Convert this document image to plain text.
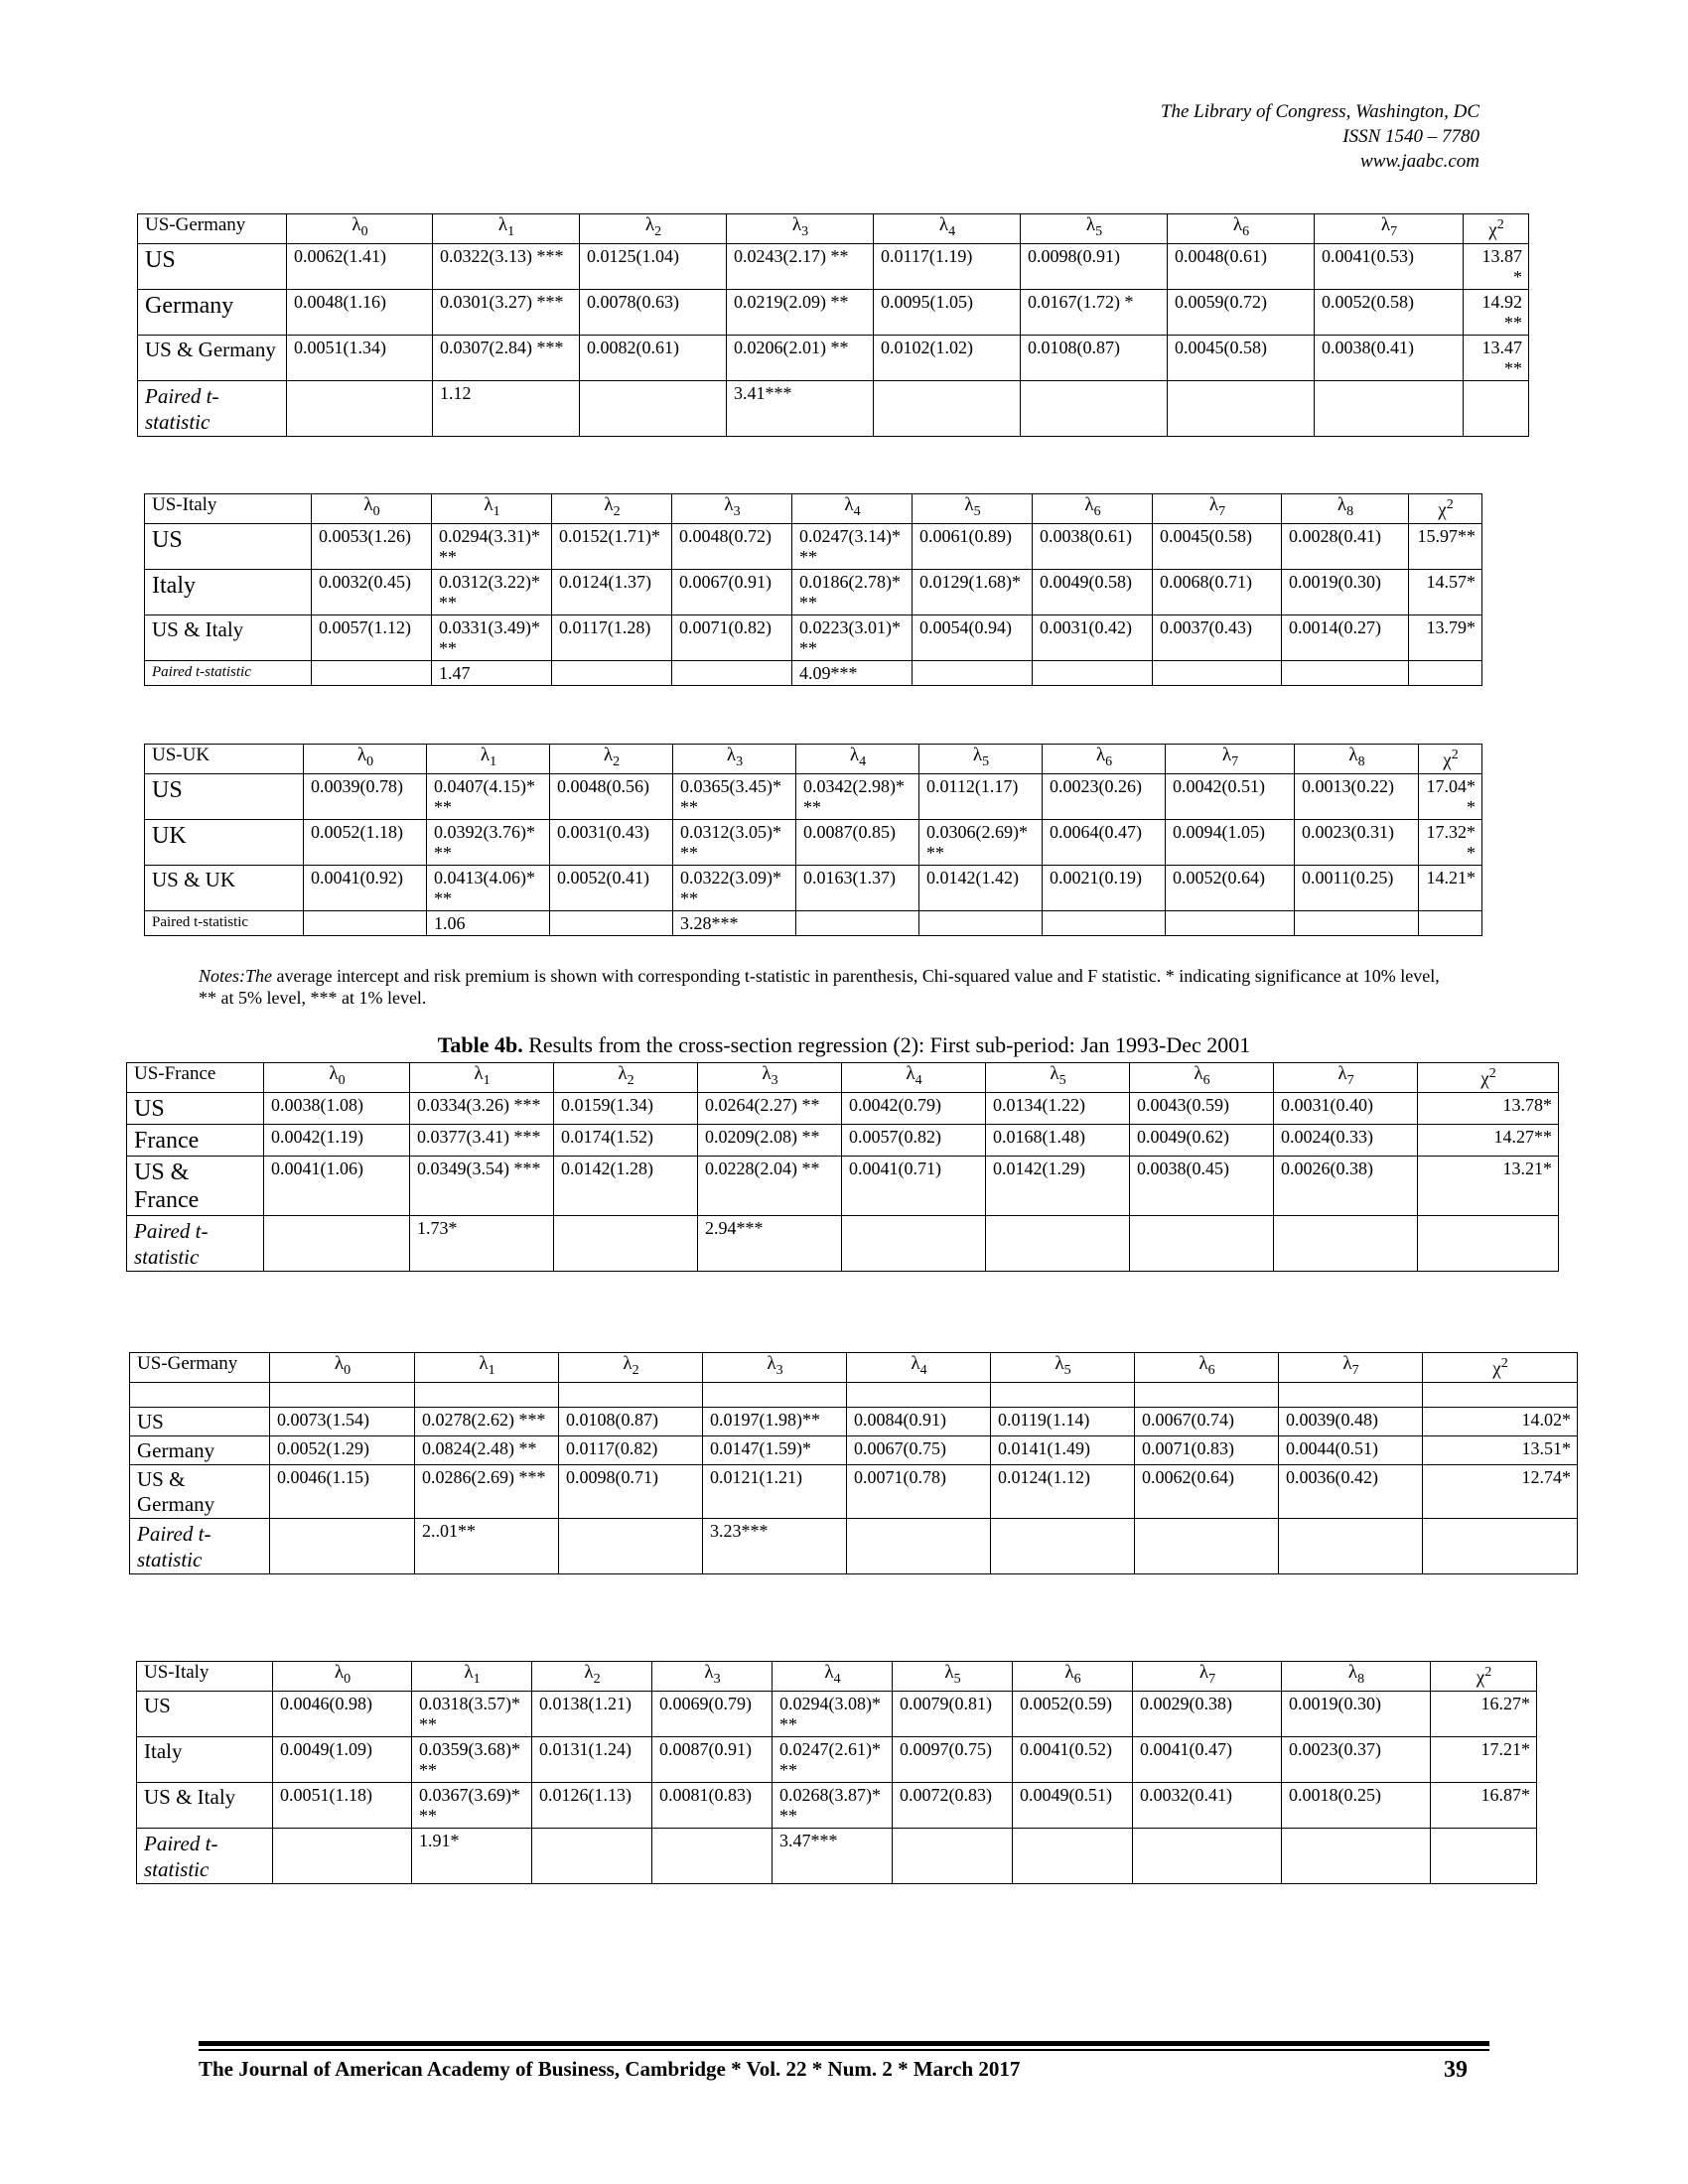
The Library of Congress, Washington, DC
ISSN 1540 – 7780
www.jaabc.com
US-Germany	$\lambda_0$	$\lambda_1$	$\lambda_2$	$\lambda_3$	$\lambda_4$	$\lambda_5$	$\lambda_6$	$\lambda_7$	$\chi^2$
US	0.0062(1.41)	0.0322(3.13) ***	0.0125(1.04)	0.0243(2.17) **	0.0117(1.19)	0.0098(0.91)	0.0048(0.61)	0.0041(0.53)	13.87 *
Germany	0.0048(1.16)	0.0301(3.27) ***	0.0078(0.63)	0.0219(2.09) **	0.0095(1.05)	0.0167(1.72) *	0.0059(0.72)	0.0052(0.58)	14.92 **
US & Germany	0.0051(1.34)	0.0307(2.84) ***	0.0082(0.61)	0.0206(2.01) **	0.0102(1.02)	0.0108(0.87)	0.0045(0.58)	0.0038(0.41)	13.47 **
Paired t-statistic		1.12		3.41***					
US-Italy	$\lambda_0$	$\lambda_1$	$\lambda_2$	$\lambda_3$	$\lambda_4$	$\lambda_5$	$\lambda_6$	$\lambda_7$	$\lambda_8$	$\chi^2$
US	0.0053(1.26)	0.0294(3.31)***	0.0152(1.71)*	0.0048(0.72)	0.0247(3.14)***	0.0061(0.89)	0.0038(0.61)	0.0045(0.58)	0.0028(0.41)	15.97**
Italy	0.0032(0.45)	0.0312(3.22)***	0.0124(1.37)	0.0067(0.91)	0.0186(2.78)***	0.0129(1.68)*	0.0049(0.58)	0.0068(0.71)	0.0019(0.30)	14.57*
US & Italy	0.0057(1.12)	0.0331(3.49)***	0.0117(1.28)	0.0071(0.82)	0.0223(3.01)***	0.0054(0.94)	0.0031(0.42)	0.0037(0.43)	0.0014(0.27)	13.79*
Paired t-statistic		1.47			4.09***					
US-UK	$\lambda_0$	$\lambda_1$	$\lambda_2$	$\lambda_3$	$\lambda_4$	$\lambda_5$	$\lambda_6$	$\lambda_7$	$\lambda_8$	$\chi^2$
US	0.0039(0.78)	0.0407(4.15)***	0.0048(0.56)	0.0365(3.45)***	0.0342(2.98)***	0.0112(1.17)	0.0023(0.26)	0.0042(0.51)	0.0013(0.22)	17.04**
UK	0.0052(1.18)	0.0392(3.76)***	0.0031(0.43)	0.0312(3.05)***	0.0087(0.85)	0.0306(2.69)***	0.0064(0.47)	0.0094(1.05)	0.0023(0.31)	17.32**
US & UK	0.0041(0.92)	0.0413(4.06)***	0.0052(0.41)	0.0322(3.09)***	0.0163(1.37)	0.0142(1.42)	0.0021(0.19)	0.0052(0.64)	0.0011(0.25)	14.21*
Paired t-statistic		1.06		3.28***						
Notes:The average intercept and risk premium is shown with corresponding t-statistic in parenthesis, Chi-squared value and F statistic. * indicating significance at 10% level, ** at 5% level, *** at 1% level.
Table 4b. Results from the cross-section regression (2): First sub-period: Jan 1993-Dec 2001
US-France	$\lambda_0$	$\lambda_1$	$\lambda_2$	$\lambda_3$	$\lambda_4$	$\lambda_5$	$\lambda_6$	$\lambda_7$	$\chi^2$
US	0.0038(1.08)	0.0334(3.26) ***	0.0159(1.34)	0.0264(2.27) **	0.0042(0.79)	0.0134(1.22)	0.0043(0.59)	0.0031(0.40)	13.78*
France	0.0042(1.19)	0.0377(3.41) ***	0.0174(1.52)	0.0209(2.08) **	0.0057(0.82)	0.0168(1.48)	0.0049(0.62)	0.0024(0.33)	14.27**
US & France	0.0041(1.06)	0.0349(3.54) ***	0.0142(1.28)	0.0228(2.04) **	0.0041(0.71)	0.0142(1.29)	0.0038(0.45)	0.0026(0.38)	13.21*
Paired t-statistic		1.73*		2.94***					
US-Germany	$\lambda_0$	$\lambda_1$	$\lambda_2$	$\lambda_3$	$\lambda_4$	$\lambda_5$	$\lambda_6$	$\lambda_7$	$\chi^2$

US	0.0073(1.54)	0.0278(2.62) ***	0.0108(0.87)	0.0197(1.98)**	0.0084(0.91)	0.0119(1.14)	0.0067(0.74)	0.0039(0.48)	14.02*
Germany	0.0052(1.29)	0.0824(2.48) **	0.0117(0.82)	0.0147(1.59)*	0.0067(0.75)	0.0141(1.49)	0.0071(0.83)	0.0044(0.51)	13.51*
US & Germany	0.0046(1.15)	0.0286(2.69) ***	0.0098(0.71)	0.0121(1.21)	0.0071(0.78)	0.0124(1.12)	0.0062(0.64)	0.0036(0.42)	12.74*
Paired t-statistic		2..01**		3.23***					
US-Italy	$\lambda_0$	$\lambda_1$	$\lambda_2$	$\lambda_3$	$\lambda_4$	$\lambda_5$	$\lambda_6$	$\lambda_7$	$\lambda_8$	$\chi^2$
US	0.0046(0.98)	0.0318(3.57)***	0.0138(1.21)	0.0069(0.79)	0.0294(3.08)***	0.0079(0.81)	0.0052(0.59)	0.0029(0.38)	0.0019(0.30)	16.27*
Italy	0.0049(1.09)	0.0359(3.68)***	0.0131(1.24)	0.0087(0.91)	0.0247(2.61)***	0.0097(0.75)	0.0041(0.52)	0.0041(0.47)	0.0023(0.37)	17.21*
US & Italy	0.0051(1.18)	0.0367(3.69)***	0.0126(1.13)	0.0081(0.83)	0.0268(3.87)***	0.0072(0.83)	0.0049(0.51)	0.0032(0.41)	0.0018(0.25)	16.87*
Paired t-statistic		1.91*			3.47***					
The Journal of American Academy of Business, Cambridge * Vol. 22 * Num. 2 * March 2017	39
